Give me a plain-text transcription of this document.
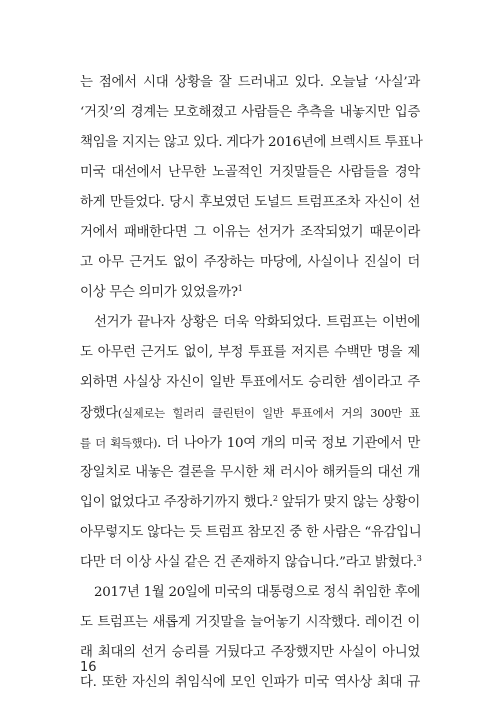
는 점에서 시대 상황을 잘 드러내고 있다. 오늘날 ‘사실’과
‘거짓’의 경계는 모호해졌고 사람들은 추측을 내놓지만 입증
책임을 지지는 않고 있다. 게다가 2016년에 브렉시트 투표나
미국 대선에서 난무한 노골적인 거짓말들은 사람들을 경악
하게 만들었다. 당시 후보였던 도널드 트럼프조차 자신이 선
거에서 패배한다면 그 이유는 선거가 조작되었기 때문이라
고 아무 근거도 없이 주장하는 마당에, 사실이나 진실이 더
이상 무슨 의미가 있었을까?$^1$
선거가 끝나자 상황은 더욱 악화되었다. 트럼프는 이번에
도 아무런 근거도 없이, 부정 투표를 저지른 수백만 명을 제
외하면 사실상 자신이 일반 투표에서도 승리한 셈이라고 주
장했다(실제로는 힐러리 클린턴이 일반 투표에서 거의 300만 표
를 더 획득했다). 더 나아가 10여 개의 미국 정보 기관에서 만
장일치로 내놓은 결론을 무시한 채 러시아 해커들의 대선 개
입이 없었다고 주장하기까지 했다.$^2$ 앞뒤가 맞지 않는 상황이
아무렇지도 않다는 듯 트럼프 참모진 중 한 사람은 “유감입니
다만 더 이상 사실 같은 건 존재하지 않습니다.”라고 밝혔다.$^3$
2017년 1월 20일에 미국의 대통령으로 정식 취임한 후에
도 트럼프는 새롭게 거짓말을 늘어놓기 시작했다. 레이건 이
래 최대의 선거 승리를 거뒀다고 주장했지만 사실이 아니었
다. 또한 자신의 취임식에 모인 인파가 미국 역사상 최대 규
16
